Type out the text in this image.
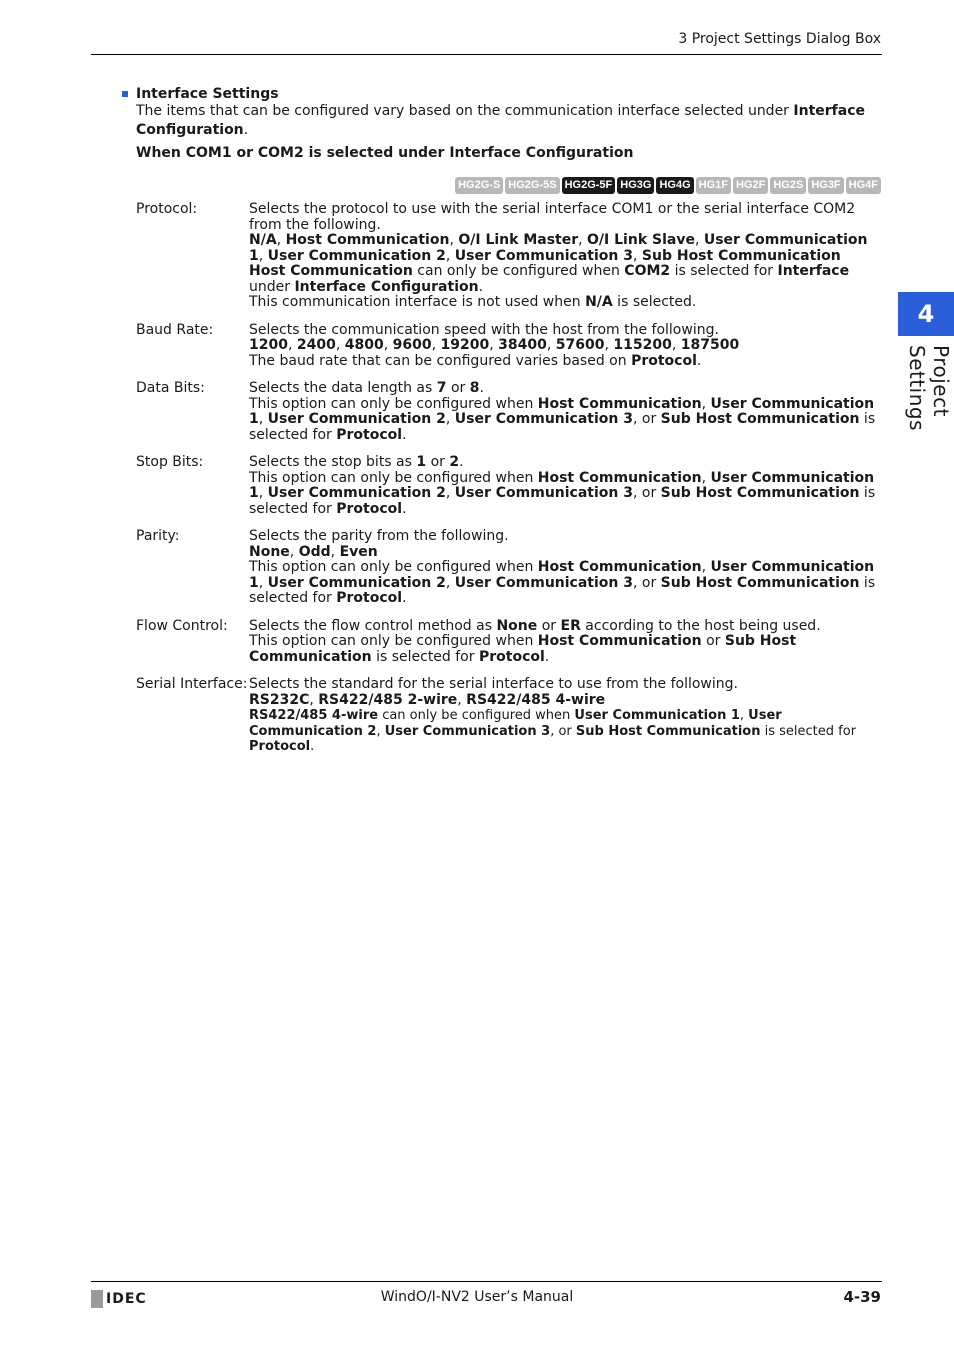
3 Project Settings Dialog Box
Interface Settings
The items that can be configured vary based on the communication interface selected under Interface Configuration.
When COM1 or COM2 is selected under Interface Configuration
HG2G-S HG2G-5S HG2G-5F HG3G HG4G HG1F HG2F HG2S HG3F HG4F
Protocol:	Selects the protocol to use with the serial interface COM1 or the serial interface COM2 from the following.
N/A, Host Communication, O/I Link Master, O/I Link Slave, User Communication 1, User Communication 2, User Communication 3, Sub Host Communication
Host Communication can only be configured when COM2 is selected for Interface under Interface Configuration.
This communication interface is not used when N/A is selected.
Baud Rate:	Selects the communication speed with the host from the following.
1200, 2400, 4800, 9600, 19200, 38400, 57600, 115200, 187500
The baud rate that can be configured varies based on Protocol.
Data Bits:	Selects the data length as 7 or 8.
This option can only be configured when Host Communication, User Communication 1, User Communication 2, User Communication 3, or Sub Host Communication is selected for Protocol.
Stop Bits:	Selects the stop bits as 1 or 2.
This option can only be configured when Host Communication, User Communication 1, User Communication 2, User Communication 3, or Sub Host Communication is selected for Protocol.
Parity:	Selects the parity from the following.
None, Odd, Even
This option can only be configured when Host Communication, User Communication 1, User Communication 2, User Communication 3, or Sub Host Communication is selected for Protocol.
Flow Control:	Selects the flow control method as None or ER according to the host being used.
This option can only be configured when Host Communication or Sub Host Communication is selected for Protocol.
Serial Interface: Selects the standard for the serial interface to use from the following.
RS232C, RS422/485 2-wire, RS422/485 4-wire
RS422/485 4-wire can only be configured when User Communication 1, User Communication 2, User Communication 3, or Sub Host Communication is selected for Protocol.
4
Project Settings
IDEC	WindO/I-NV2 User’s Manual	4-39
